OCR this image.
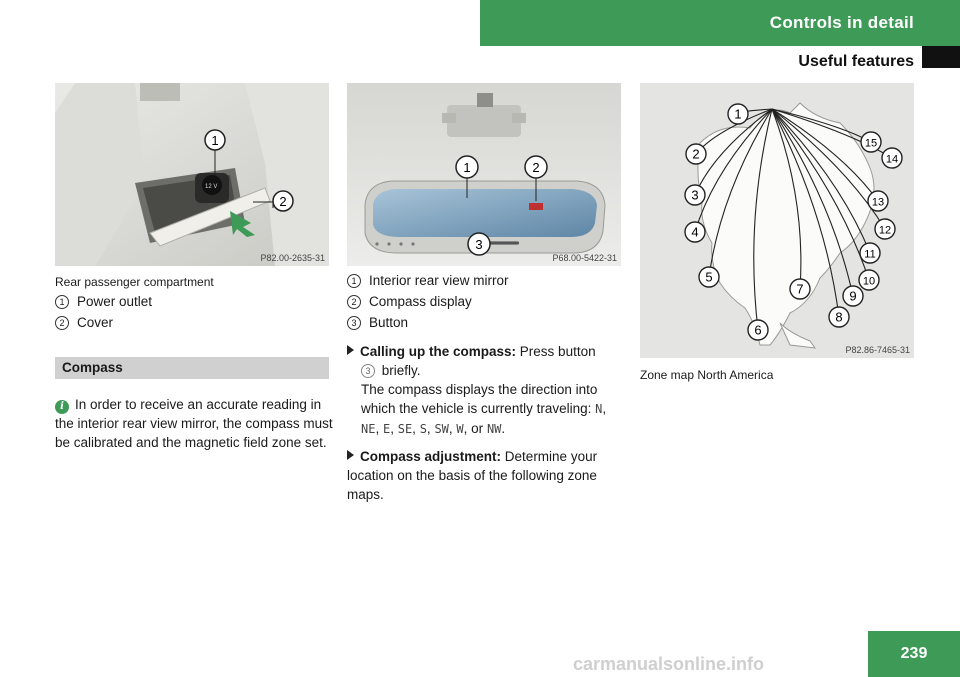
Controls in detail
Useful features
12 V
1
2
P82.00-2635-31
1	2
3
P68.00-5422-31
1
2
3
4
5
6
7
8
9
10
11
12
13
14
15
P82.86-7465-31
Rear passenger compartment
1 Power outlet
2 Cover
Compass
i In order to receive an accurate reading in the interior rear view mirror, the compass must be calibrated and the magnetic field zone set.
1 Interior rear view mirror
2 Compass display
3 Button
Calling up the compass: Press button
3 briefly.

The compass displays the direction into which the vehicle is currently traveling: N, NE, E, SE, S, SW, W, or NW.
Compass adjustment: Determine your location on the basis of the following zone maps.
Zone map North America
239
carmanualsonline.info
